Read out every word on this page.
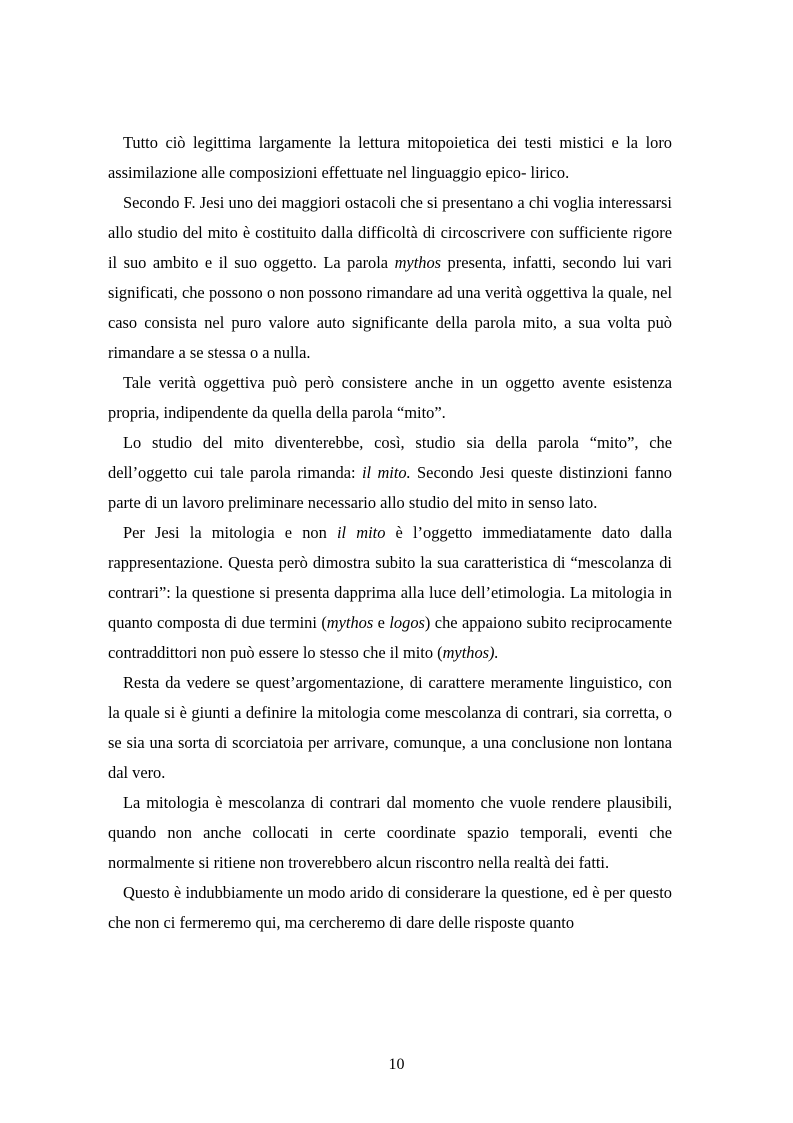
Tutto ciò legittima largamente la lettura mitopoietica dei testi mistici e la loro assimilazione alle composizioni effettuate nel linguaggio epico- lirico.

Secondo F. Jesi uno dei maggiori ostacoli che si presentano a chi voglia interessarsi allo studio del mito è costituito dalla difficoltà di circoscrivere con sufficiente rigore il suo ambito e il suo oggetto. La parola mythos presenta, infatti, secondo lui vari significati, che possono o non possono rimandare ad una verità oggettiva la quale, nel caso consista nel puro valore auto significante della parola mito, a sua volta può rimandare a se stessa o a nulla.

Tale verità oggettiva può però consistere anche in un oggetto avente esistenza propria, indipendente da quella della parola “mito”.

Lo studio del mito diventerebbe, così, studio sia della parola “mito”, che dell’oggetto cui tale parola rimanda: il mito. Secondo Jesi queste distinzioni fanno parte di un lavoro preliminare necessario allo studio del mito in senso lato.

Per Jesi la mitologia e non il mito è l’oggetto immediatamente dato dalla rappresentazione. Questa però dimostra subito la sua caratteristica di “mescolanza di contrari”: la questione si presenta dapprima alla luce dell’etimologia. La mitologia in quanto composta di due termini (mythos e logos) che appaiono subito reciprocamente contraddittori non può essere lo stesso che il mito (mythos).

Resta da vedere se quest’argomentazione, di carattere meramente linguistico, con la quale si è giunti a definire la mitologia come mescolanza di contrari, sia corretta, o se sia una sorta di scorciatoia per arrivare, comunque, a una conclusione non lontana dal vero.

La mitologia è mescolanza di contrari dal momento che vuole rendere plausibili, quando non anche collocati in certe coordinate spazio temporali, eventi che normalmente si ritiene non troverebbero alcun riscontro nella realtà dei fatti.

Questo è indubbiamente un modo arido di considerare la questione, ed è per questo che non ci fermeremo qui, ma cercheremo di dare delle risposte quanto

10
